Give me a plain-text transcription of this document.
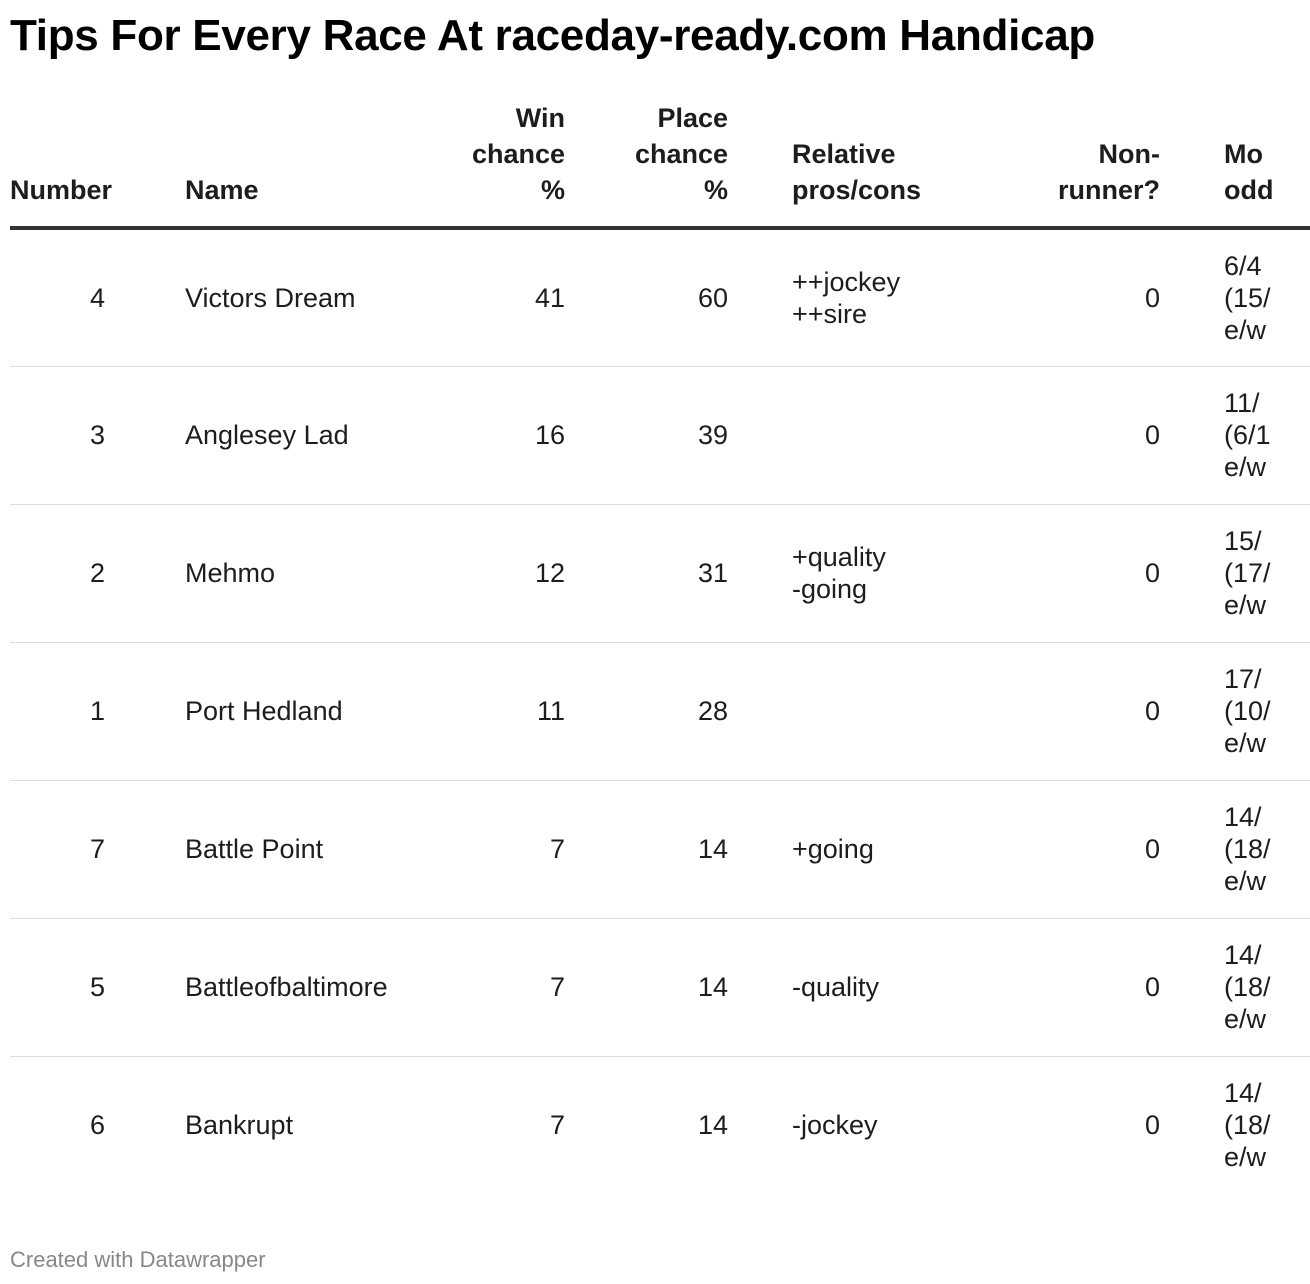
Tips For Every Race At raceday-ready.com Handicap
Number	Name	Win
chance
%	Place
chance
%	Relative
pros/cons	Non-
runner?	Mo
odd

4	Victors Dream	41	60	++jockey
++sire	0	6/4
(15/
e/w

3	Anglesey Lad	16	39		0	11/
(6/1
e/w

2	Mehmo	12	31	+quality
-going	0	15/
(17/
e/w

1	Port Hedland	11	28		0	17/
(10/
e/w

7	Battle Point	7	14	+going	0	14/
(18/
e/w

5	Battleofbaltimore	7	14	-quality	0	14/
(18/
e/w

6	Bankrupt	7	14	-jockey	0	14/
(18/
e/w
Created with Datawrapper
